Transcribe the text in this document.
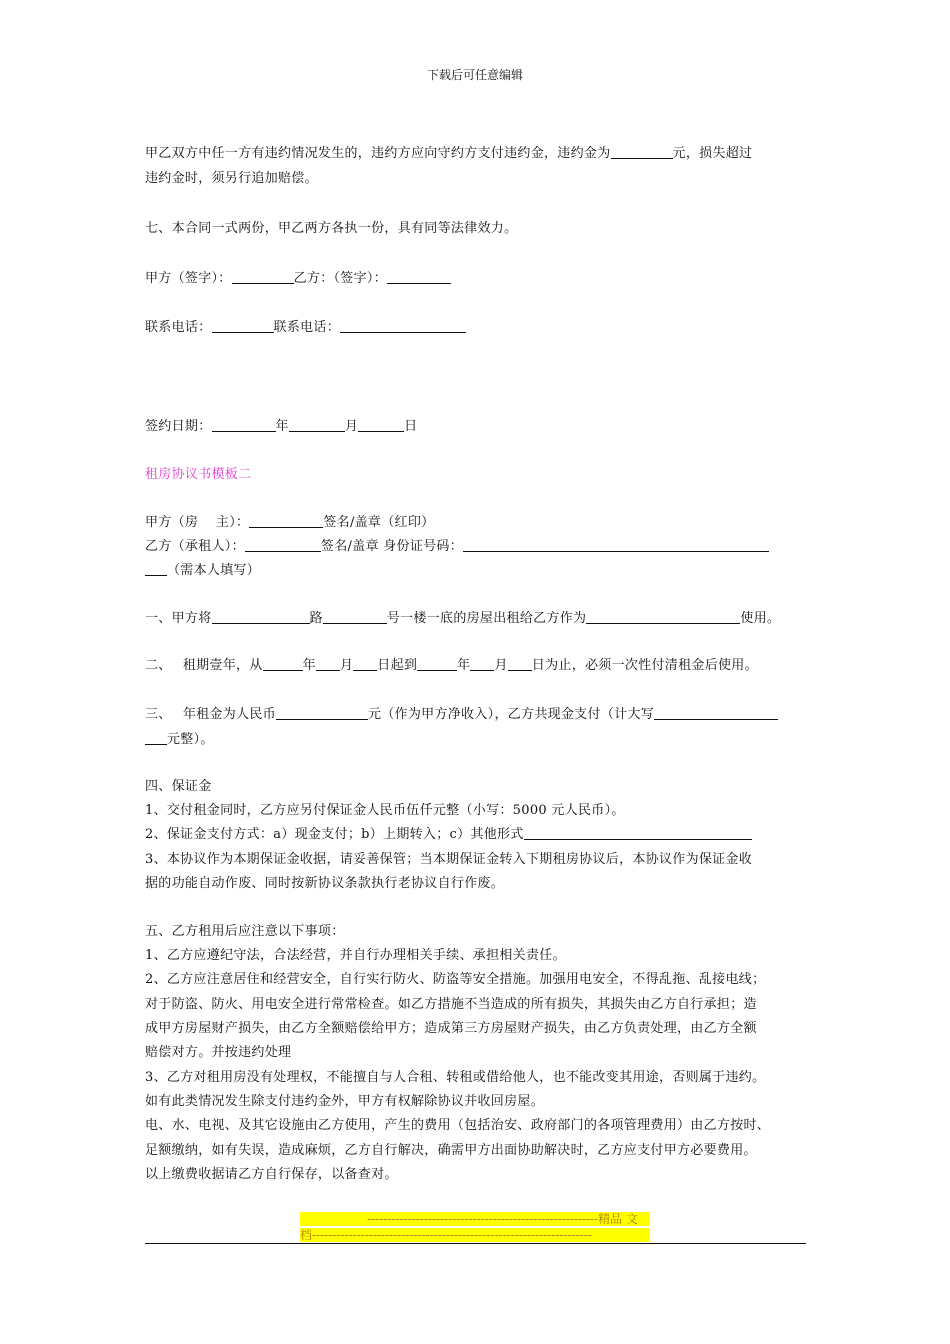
下载后可任意编辑
甲乙双方中任一方有违约情况发生的，违约方应向守约方支付违约金，违约金为	元，损失超过
违约金时，须另行追加赔偿。
七、本合同一式两份，甲乙两方各执一份，具有同等法律效力。
甲方（签字）：	乙方：（签字）：
联系电话：	联系电话：
签约日期：	年	月	日
租房协议书模板二
甲方（房　 主）：	签名/盖章（红印）
乙方（承租人）：	签名/盖章 身份证号码：
（需本人填写）
一、甲方将	路	号一楼一底的房屋出租给乙方作为	使用。
二、　 租期壹年，从	年 月 日起到	年 月 日为止，必须一次性付清租金后使用。
三、　 年租金为人民币	元（作为甲方净收入），乙方共现金支付（计大写
元整）。
四、保证金
1、交付租金同时，乙方应另付保证金人民币伍仟元整（小写：5000 元人民币）。
2、保证金支付方式：a）现金支付；b）上期转入；c）其他形式
3、本协议作为本期保证金收据，请妥善保管；当本期保证金转入下期租房协议后，本协议作为保证金收
据的功能自动作废、同时按新协议条款执行老协议自行作废。
五、乙方租用后应注意以下事项：
1、乙方应遵纪守法，合法经营，并自行办理相关手续、承担相关责任。
2、乙方应注意居住和经营安全，自行实行防火、防盗等安全措施。加强用电安全，不得乱拖、乱接电线；
对于防盗、防火、用电安全进行常常检查。如乙方措施不当造成的所有损失，其损失由乙方自行承担；造
成甲方房屋财产损失，由乙方全额赔偿给甲方；造成第三方房屋财产损失，由乙方负责处理，由乙方全额
赔偿对方。并按违约处理
3、乙方对租用房没有处理权，不能擅自与人合租、转租或借给他人，也不能改变其用途，否则属于违约。
如有此类情况发生除支付违约金外，甲方有权解除协议并收回房屋。
电、水、电视、及其它设施由乙方使用，产生的费用（包括治安、政府部门的各项管理费用）由乙方按时、
足额缴纳，如有失误，造成麻烦，乙方自行解决，确需甲方出面协助解决时，乙方应支付甲方必要费用。
以上缴费收据请乙方自行保存，以备查对。
---------------------------------------------------------精品 文
档---------------------------------------------------------------------
